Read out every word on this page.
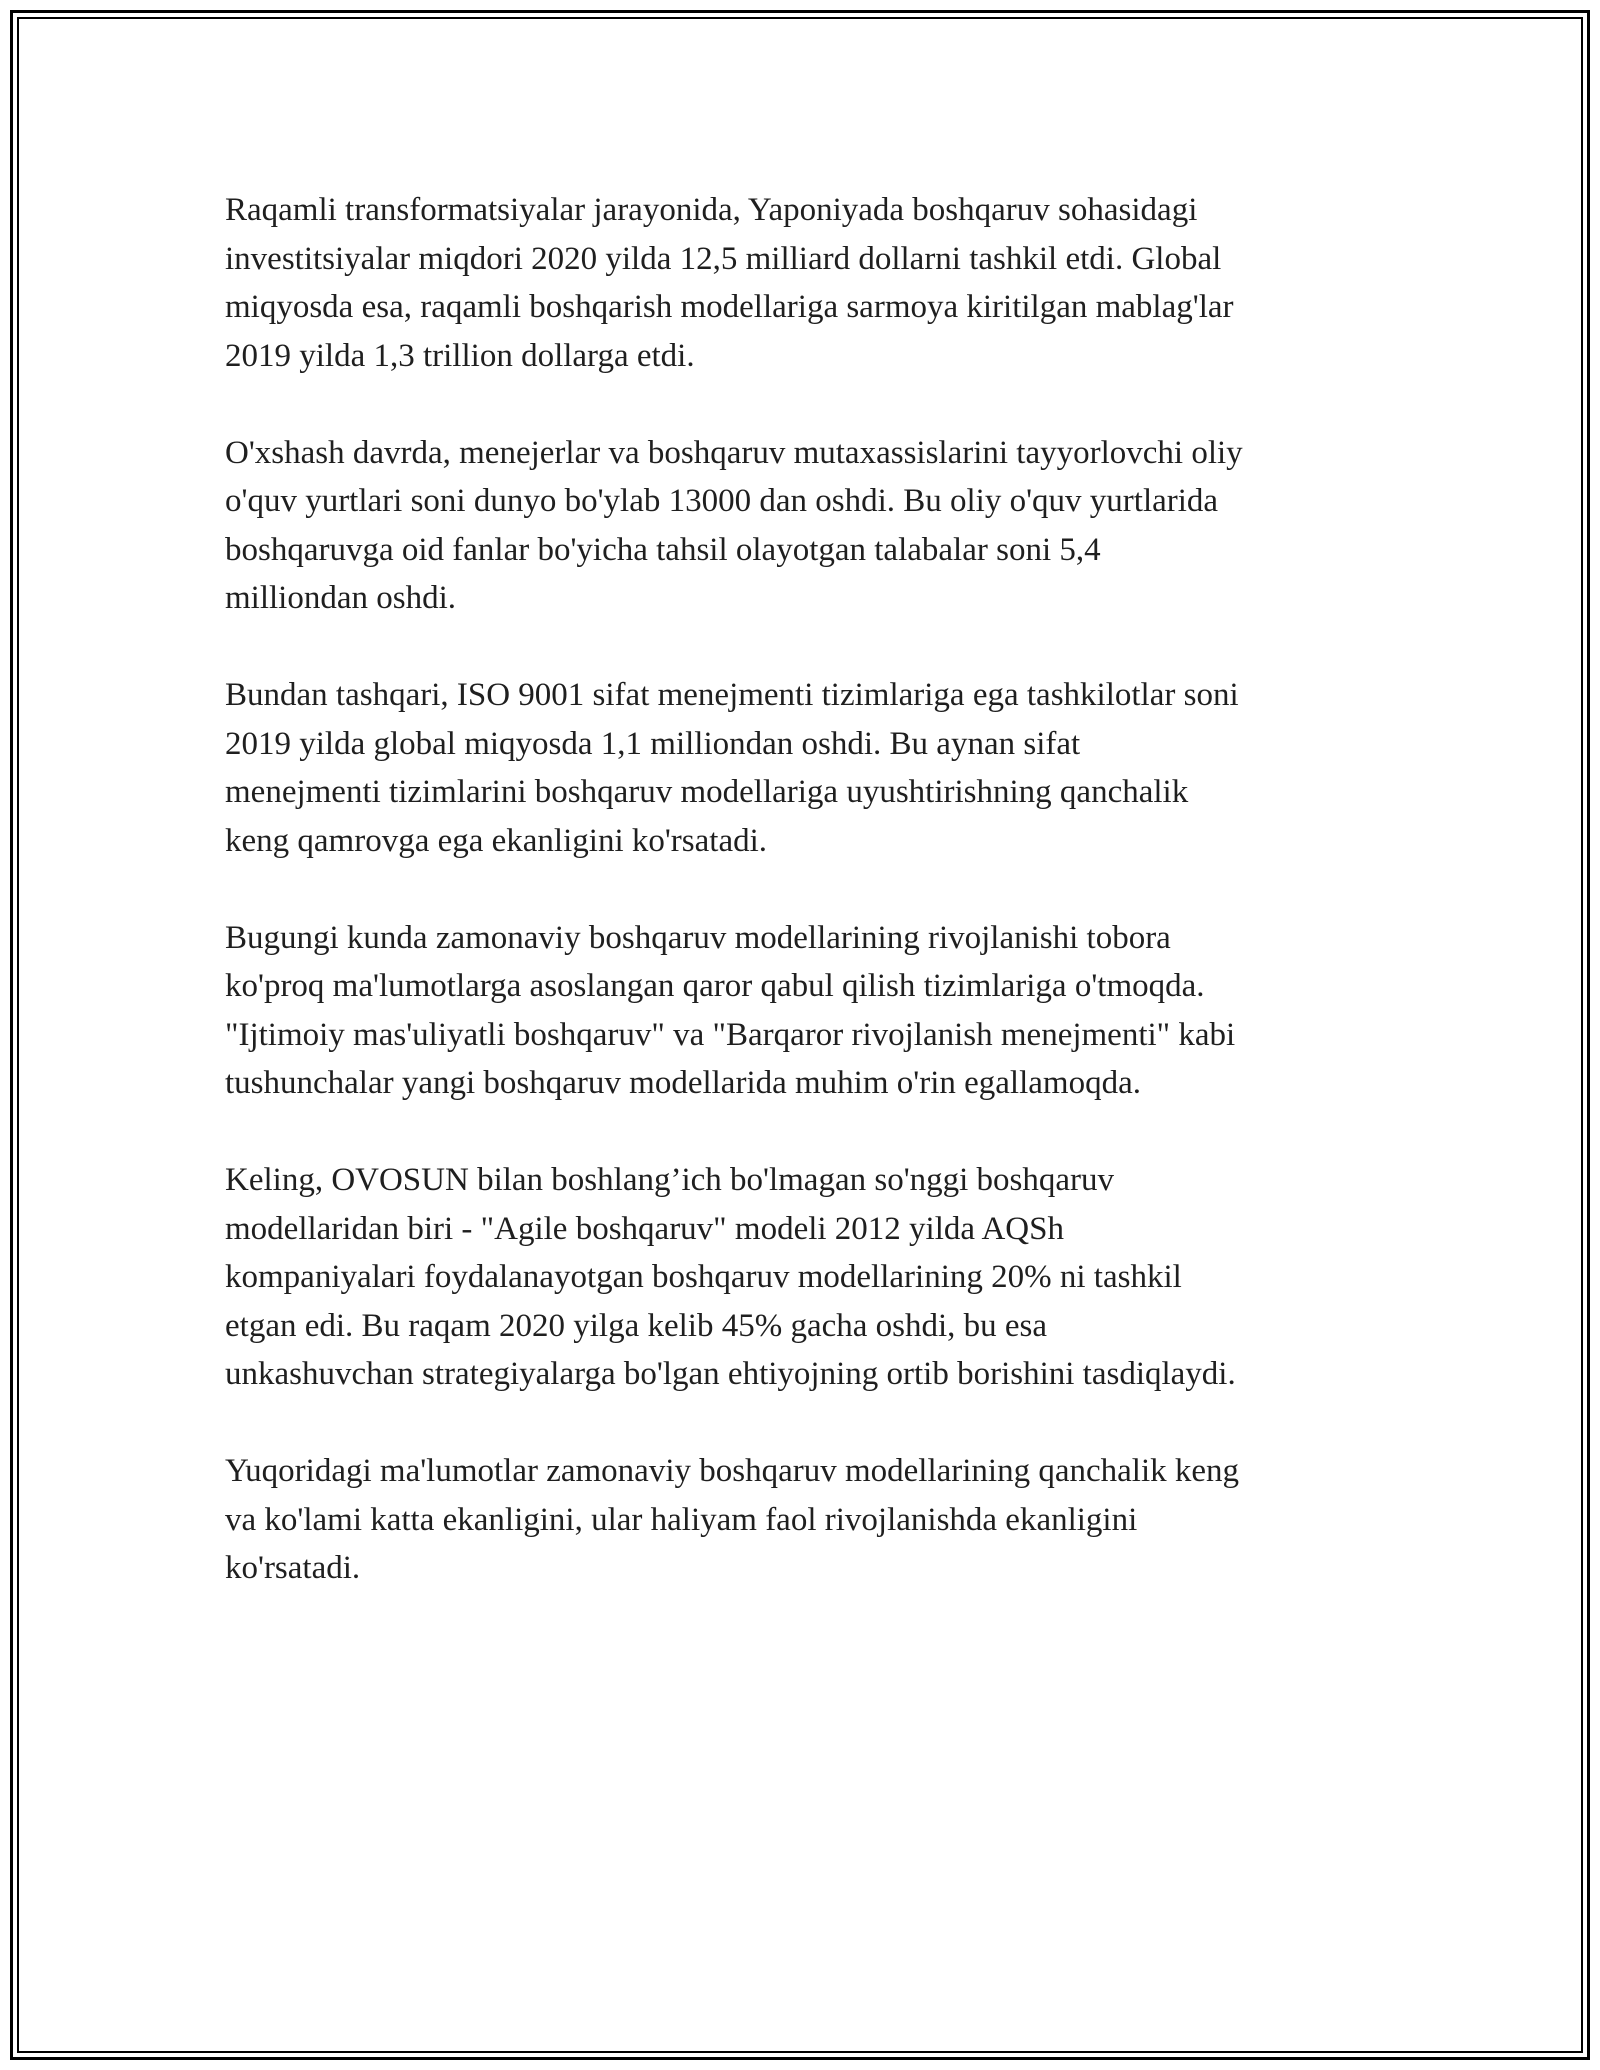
Raqamli transformatsiyalar jarayonida, Yaponiyada boshqaruv sohasidagi
investitsiyalar miqdori 2020 yilda 12,5 milliard dollarni tashkil etdi. Global
miqyosda esa, raqamli boshqarish modellariga sarmoya kiritilgan mablag'lar
2019 yilda 1,3 trillion dollarga etdi.

O'xshash davrda, menejerlar va boshqaruv mutaxassislarini tayyorlovchi oliy
o'quv yurtlari soni dunyo bo'ylab 13000 dan oshdi. Bu oliy o'quv yurtlarida
boshqaruvga oid fanlar bo'yicha tahsil olayotgan talabalar soni 5,4
milliondan oshdi.

Bundan tashqari, ISO 9001 sifat menejmenti tizimlariga ega tashkilotlar soni
2019 yilda global miqyosda 1,1 milliondan oshdi. Bu aynan sifat
menejmenti tizimlarini boshqaruv modellariga uyushtirishning qanchalik
keng qamrovga ega ekanligini ko'rsatadi.

Bugungi kunda zamonaviy boshqaruv modellarining rivojlanishi tobora
ko'proq ma'lumotlarga asoslangan qaror qabul qilish tizimlariga o'tmoqda.
"Ijtimoiy mas'uliyatli boshqaruv" va "Barqaror rivojlanish menejmenti" kabi
tushunchalar yangi boshqaruv modellarida muhim o'rin egallamoqda.

Keling, OVOSUN bilan boshlang’ich bo'lmagan so'nggi boshqaruv
modellaridan biri - "Agile boshqaruv" modeli 2012 yilda AQSh
kompaniyalari foydalanayotgan boshqaruv modellarining 20% ni tashkil
etgan edi. Bu raqam 2020 yilga kelib 45% gacha oshdi, bu esa
unkashuvchan strategiyalarga bo'lgan ehtiyojning ortib borishini tasdiqlaydi.

Yuqoridagi ma'lumotlar zamonaviy boshqaruv modellarining qanchalik keng
va ko'lami katta ekanligini, ular haliyam faol rivojlanishda ekanligini
ko'rsatadi.
